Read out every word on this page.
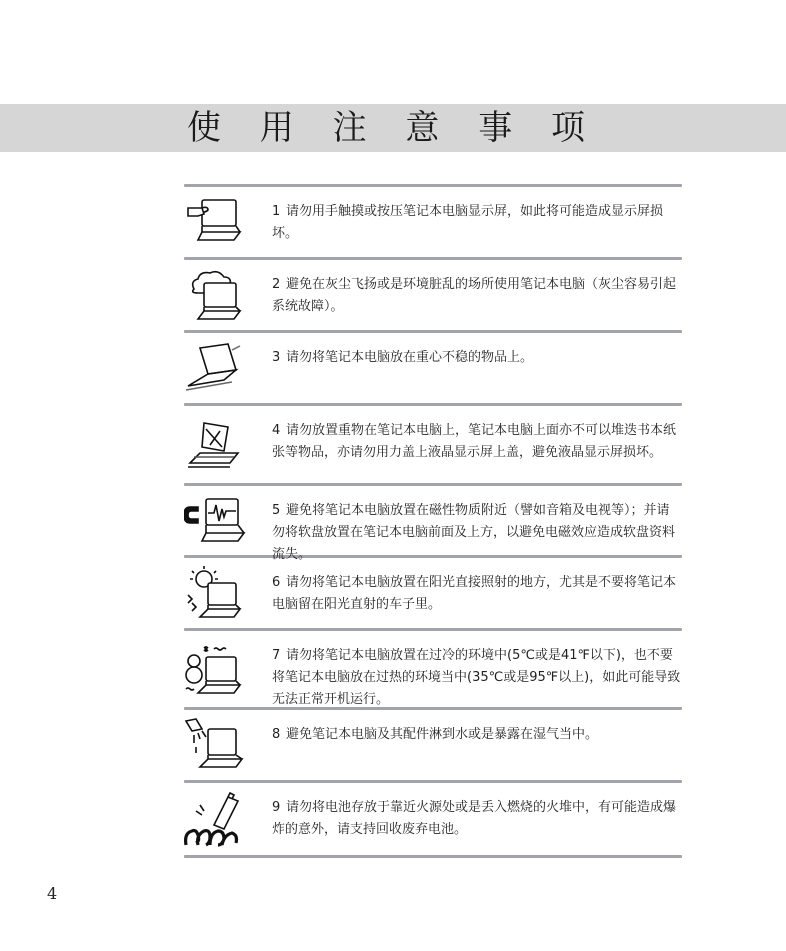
使 用 注 意 事 项
1 请勿用手触摸或按压笔记本电脑显示屏，如此将可能造成显示屏损坏。
2 避免在灰尘飞扬或是环境脏乱的场所使用笔记本电脑（灰尘容易引起系统故障）。
3 请勿将笔记本电脑放在重心不稳的物品上。
4 请勿放置重物在笔记本电脑上，笔记本电脑上面亦不可以堆迭书本纸张等物品，亦请勿用力盖上液晶显示屏上盖，避免液晶显示屏损坏。
5 避免将笔记本电脑放置在磁性物质附近（譬如音箱及电视等）；并请勿将软盘放置在笔记本电脑前面及上方，以避免电磁效应造成软盘资料流失。
6 请勿将笔记本电脑放置在阳光直接照射的地方，尤其是不要将笔记本电脑留在阳光直射的车子里。
7 请勿将笔记本电脑放置在过冷的环境中(5℃或是41℉以下)，也不要将笔记本电脑放在过热的环境当中(35℃或是95℉以上)，如此可能导致无法正常开机运行。
8 避免笔记本电脑及其配件淋到水或是暴露在湿气当中。
9 请勿将电池存放于靠近火源处或是丢入燃烧的火堆中，有可能造成爆炸的意外，请支持回收废弃电池。
4
